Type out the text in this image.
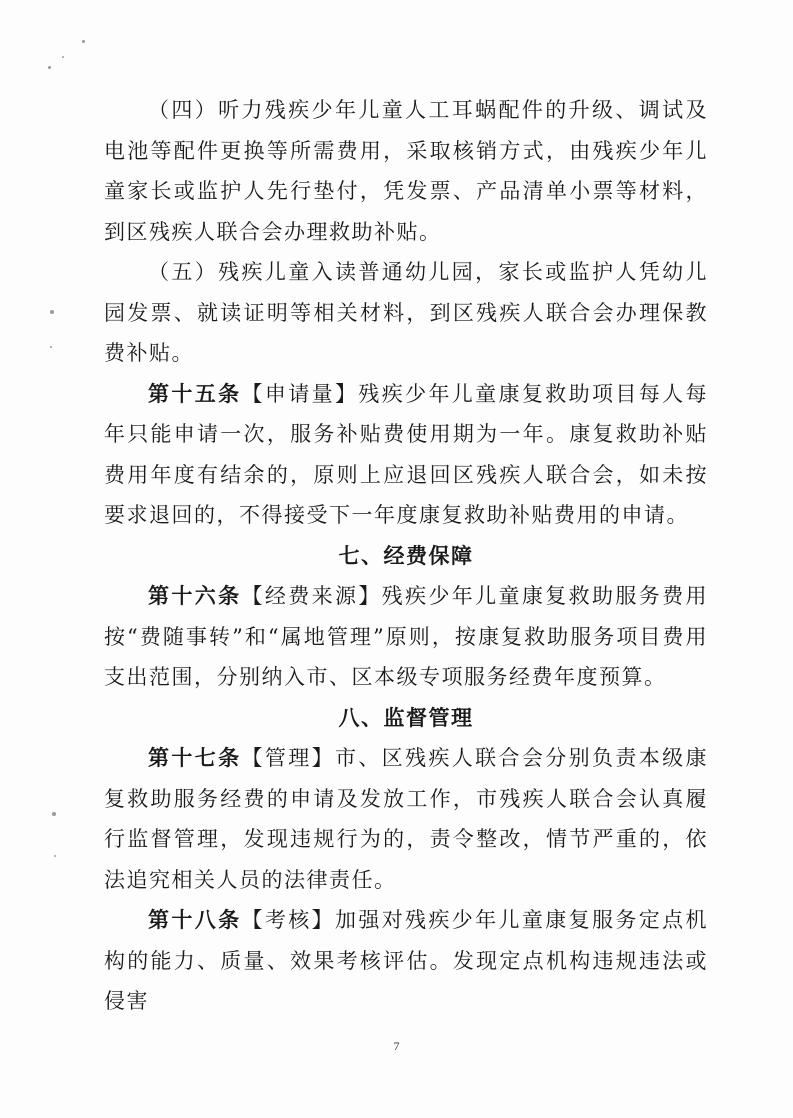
（四）听力残疾少年儿童人工耳蜗配件的升级、调试及电池等配件更换等所需费用，采取核销方式，由残疾少年儿童家长或监护人先行垫付，凭发票、产品清单小票等材料，到区残疾人联合会办理救助补贴。

（五）残疾儿童入读普通幼儿园，家长或监护人凭幼儿园发票、就读证明等相关材料，到区残疾人联合会办理保教费补贴。

第十五条【申请量】残疾少年儿童康复救助项目每人每年只能申请一次，服务补贴费使用期为一年。康复救助补贴费用年度有结余的，原则上应退回区残疾人联合会，如未按要求退回的，不得接受下一年度康复救助补贴费用的申请。

七、经费保障

第十六条【经费来源】残疾少年儿童康复救助服务费用按“费随事转”和“属地管理”原则，按康复救助服务项目费用支出范围，分别纳入市、区本级专项服务经费年度预算。

八、监督管理

第十七条【管理】市、区残疾人联合会分别负责本级康复救助服务经费的申请及发放工作，市残疾人联合会认真履行监督管理，发现违规行为的，责令整改，情节严重的，依法追究相关人员的法律责任。

第十八条【考核】加强对残疾少年儿童康复服务定点机构的能力、质量、效果考核评估。发现定点机构违规违法或侵害

7
